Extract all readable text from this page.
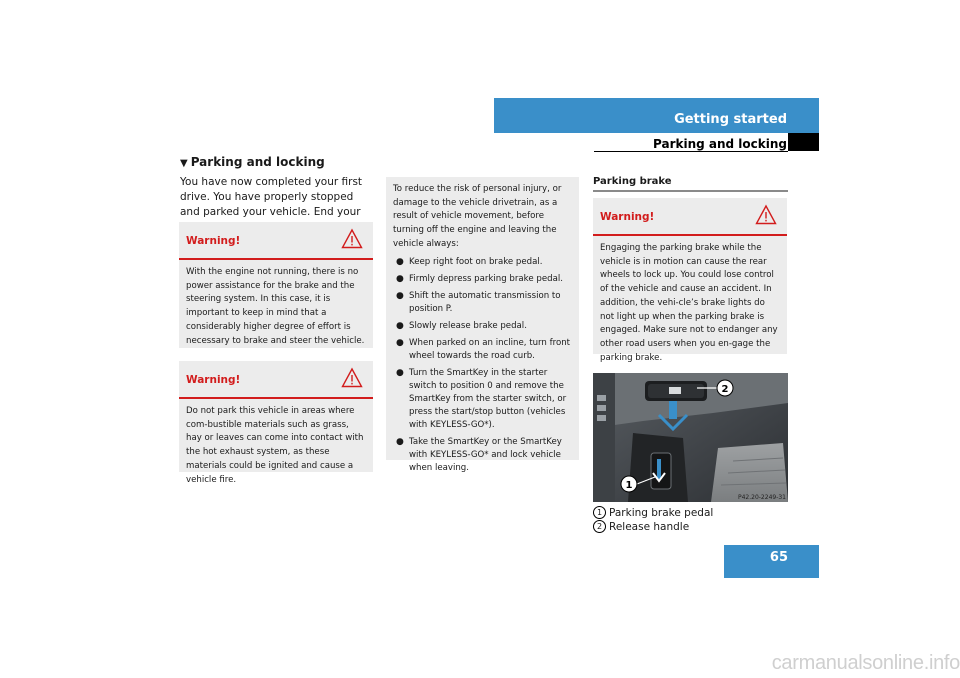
Getting started
Parking and locking
▼ Parking and locking
You have now completed your first drive. You have properly stopped and parked your vehicle. End your
Warning!
With the engine not running, there is no power assistance for the brake and the steering system. In this case, it is important to keep in mind that a considerably higher degree of effort is necessary to brake and steer the vehicle.
Warning!
Do not park this vehicle in areas where com-bustible materials such as grass, hay or leaves can come into contact with the hot exhaust system, as these materials could be ignited and cause a vehicle fire.
To reduce the risk of personal injury, or damage to the vehicle drivetrain, as a result of vehicle movement, before turning off the engine and leaving the vehicle always:
● Keep right foot on brake pedal.
● Firmly depress parking brake pedal.
● Shift the automatic transmission to position P.
● Slowly release brake pedal.
● When parked on an incline, turn front wheel towards the road curb.
● Turn the SmartKey in the starter switch to position 0 and remove the SmartKey from the starter switch, or press the start/stop button (vehicles with KEYLESS-GO*).
● Take the SmartKey or the SmartKey with KEYLESS-GO* and lock vehicle when leaving.
Parking brake
Warning!
Engaging the parking brake while the vehicle is in motion can cause the rear wheels to lock up. You could lose control of the vehicle and cause an accident. In addition, the vehi-cle’s brake lights do not light up when the parking brake is engaged. Make sure not to endanger any other road users when you en-gage the parking brake.
2
1
P42.20-2249-31
1 Parking brake pedal
2 Release handle
65
carmanualsonline.info
